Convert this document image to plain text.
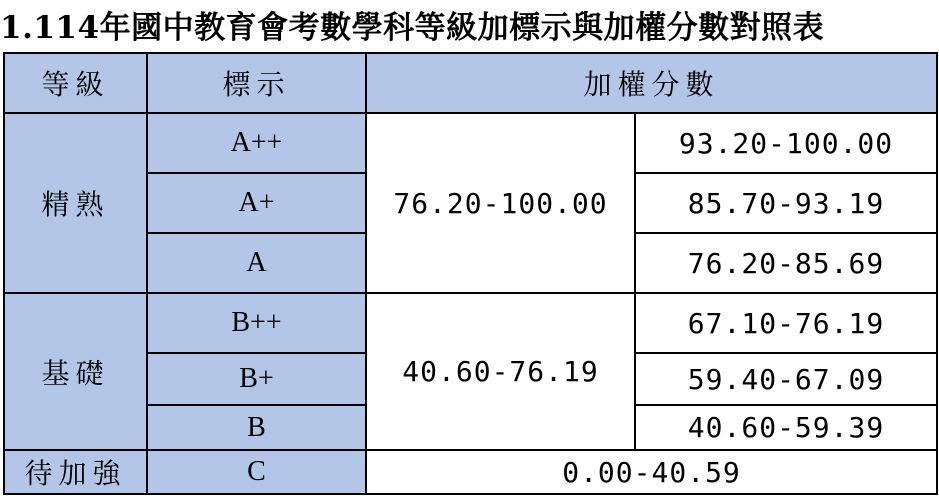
1.114年國中教育會考數學科等級加標示與加權分數對照表
等級	標示	加權分數	
精熟	A++	76.20-100.00	93.20-100.00
	A+		85.70-93.19
	A		76.20-85.69
基礎	B++	40.60-76.19	67.10-76.19
	B+		59.40-67.09
	B		40.60-59.39
待加強	C	0.00-40.59	
